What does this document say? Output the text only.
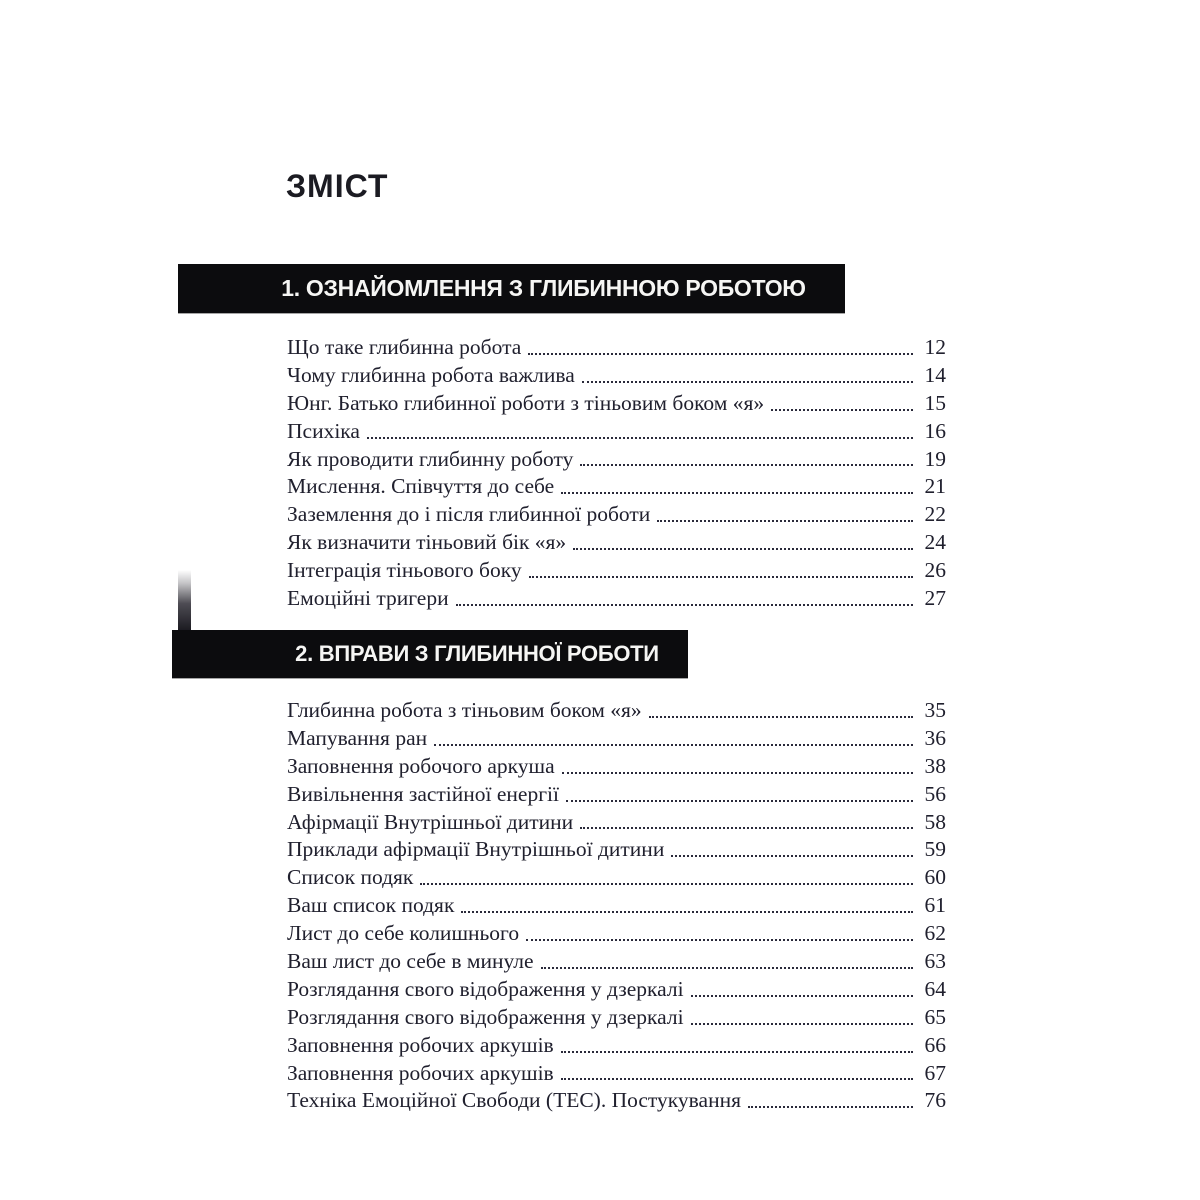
ЗМІСТ
1. ОЗНАЙОМЛЕННЯ З ГЛИБИННОЮ РОБОТОЮ
Що таке глибинна робота	12
Чому глибинна робота важлива	14
Юнг. Батько глибинної роботи з тіньовим боком «я»	15
Психіка	16
Як проводити глибинну роботу	19
Мислення. Співчуття до себе	21
Заземлення до і після глибинної роботи	22
Як визначити тіньовий бік «я»	24
Інтеграція тіньового боку	26
Емоційні тригери	27
2. ВПРАВИ З ГЛИБИННОЇ РОБОТИ
Глибинна робота з тіньовим боком «я»	35
Мапування ран	36
Заповнення робочого аркуша	38
Вивільнення застійної енергії	56
Афірмації Внутрішньої дитини	58
Приклади афірмації Внутрішньої дитини	59
Список подяк	60
Ваш список подяк	61
Лист до себе колишнього	62
Ваш лист до себе в минуле	63
Розглядання свого відображення у дзеркалі	64
Розглядання свого відображення у дзеркалі	65
Заповнення робочих аркушів	66
Заповнення робочих аркушів	67
Техніка Емоційної Свободи (ТЕС). Постукування	76
